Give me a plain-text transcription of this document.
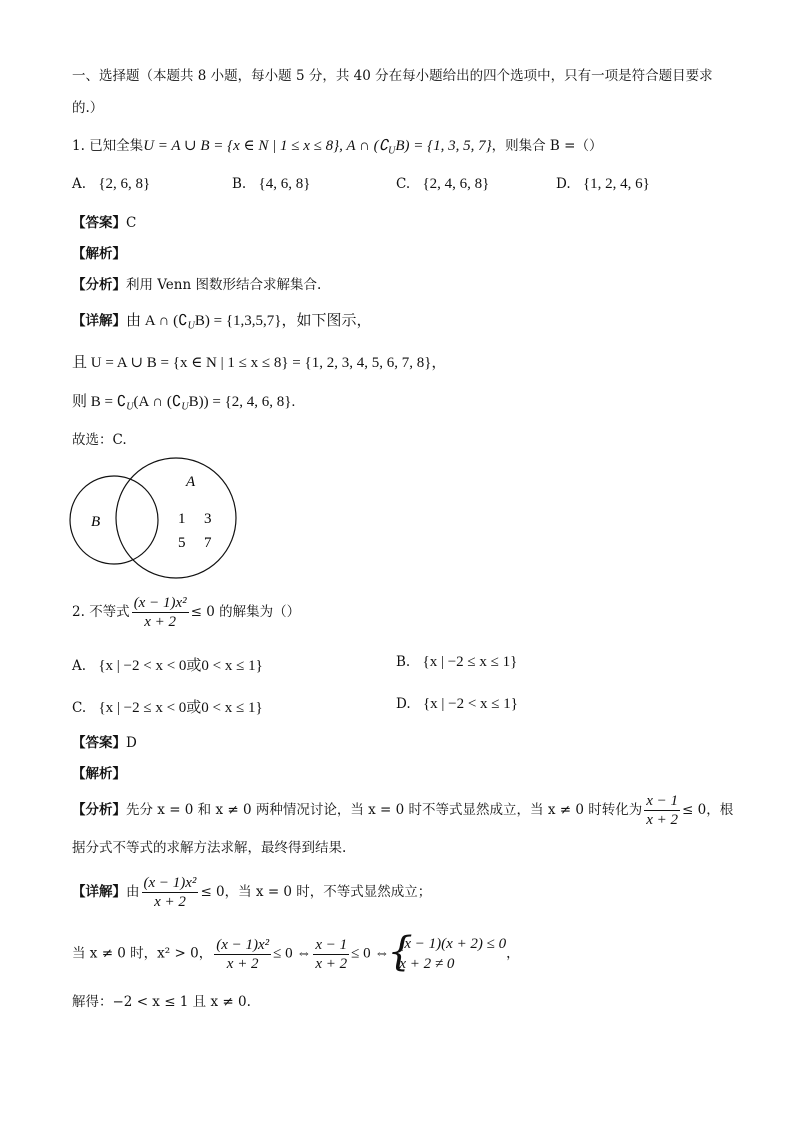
一、选择题（本题共 8 小题，每小题 5 分，共 40 分在每小题给出的四个选项中，只有一项是符合题目要求
的.）
1. 已知全集U = A ∪ B = {x ∈ N | 1 ≤ x ≤ 8}, A ∩ $(∁_UB) = \{1$, 3, 5, 7}，则集合 B =（）
A. {2, 6, 8}	B. {4, 6, 8}	C. {2, 4, 6, 8}	D. {1, 2, 4, 6}
【答案】C
【解析】
【分析】利用 Venn 图数形结合求解集合.
【详解】由 A ∩ $(∁_UB) = \{1,3,5,7\}$，如下图示，
且 U = A ∪ B = {x ∈ N | 1 ≤ x ≤ 8} = {1, 2, 3, 4, 5, 6, 7, 8}，
则 $B = ∁_U(A$ ∩ $(∁_UB)) = \{2$, 4, 6, 8}.
故选：C.
A
B	1 3
5 7
2. 不等式 $\frac{\text{(x − 1)x²}}{x + 2} \le 0$ 的解集为（）
A. {x | −2 < x < 0或0 < x ≤ 1}	B. {x | −2 ≤ x ≤ 1}
C. {x | −2 ≤ x < 0或0 < x ≤ 1}	D. {x | −2 < x ≤ 1}
【答案】D
【解析】
【分析】先分 x = 0 和 x ≠ 0 两种情况讨论，当 x = 0 时不等式显然成立，当 x ≠ 0 时转化为 $\frac{x - 1}{x + 2} \le 0$，根
据分式不等式的求解方法求解，最终得到结果.
【详解】由 $\frac{\text{(x − 1)x²}}{x + 2} \le 0$，当 x = 0 时，不等式显然成立；
当 x ≠ 0 时，x² > 0， $\frac{\text{(x − 1)x²}}{x + 2} \le 0$ ⇔ $\frac{x - 1}{x + 2} \le 0$ ⇔
{ (x − 1)(x + 2) ≤ 0
x + 2 ≠ 0
，
解得：−2 < x ≤ 1 且 x ≠ 0.
